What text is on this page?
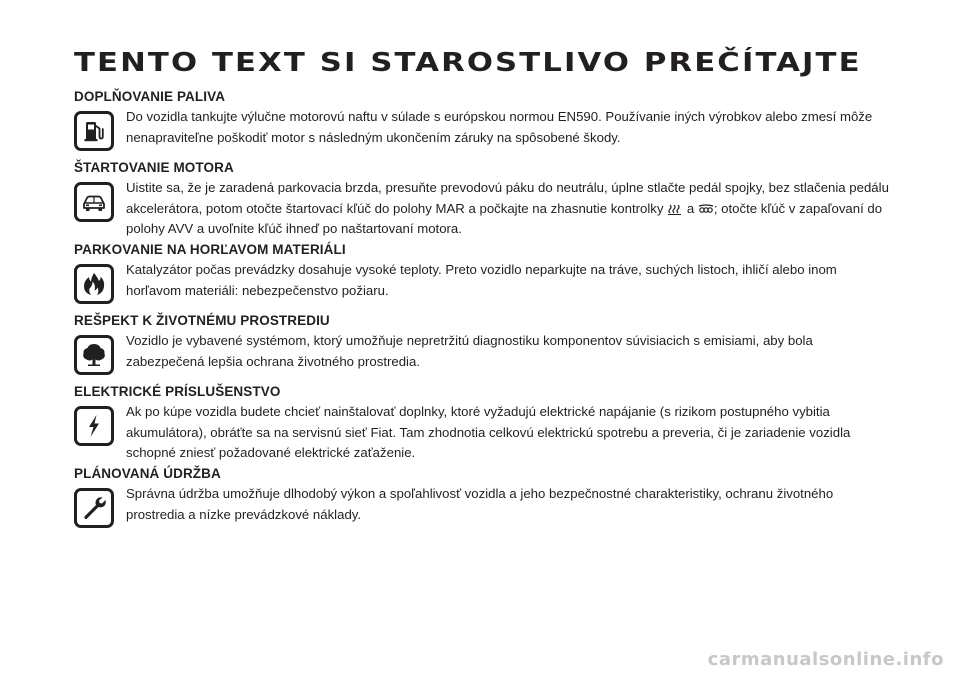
TENTO TEXT SI STAROSTLIVO PREČÍTAJTE
DOPLŇOVANIE PALIVA

Do vozidla tankujte výlučne motorovú naftu v súlade s európskou normou EN590. Používanie iných výrobkov alebo zmesí môže nenapraviteľne poškodiť motor s následným ukončením záruky na spôsobené škody.

ŠTARTOVANIE MOTORA

Uistite sa, že je zaradená parkovacia brzda, presuňte prevodovú páku do neutrálu, úplne stlačte pedál spojky, bez stlačenia pedálu akcelerátora, potom otočte štartovací kľúč do polohy MAR a počkajte na zhasnutie kontrolky a ; otočte kľúč v zapaľovaní do polohy AVV a uvoľnite kľúč ihneď po naštartovaní motora.

PARKOVANIE NA HORĽAVOM MATERIÁLI

Katalyzátor počas prevádzky dosahuje vysoké teploty. Preto vozidlo neparkujte na tráve, suchých listoch, ihličí alebo inom horľavom materiáli: nebezpečenstvo požiaru.

REŠPEKT K ŽIVOTNÉMU PROSTREDIU

Vozidlo je vybavené systémom, ktorý umožňuje nepretržitú diagnostiku komponentov súvisiacich s emisiami, aby bola zabezpečená lepšia ochrana životného prostredia.

ELEKTRICKÉ PRÍSLUŠENSTVO

Ak po kúpe vozidla budete chcieť nainštalovať doplnky, ktoré vyžadujú elektrické napájanie (s rizikom postupného vybitia akumulátora), obráťte sa na servisnú sieť Fiat. Tam zhodnotia celkovú elektrickú spotrebu a preveria, či je zariadenie vozidla schopné zniesť požadované elektrické zaťaženie.

PLÁNOVANÁ ÚDRŽBA

Správna údržba umožňuje dlhodobý výkon a spoľahlivosť vozidla a jeho bezpečnostné charakteristiky, ochranu životného prostredia a nízke prevádzkové náklady.

carmanualsonline.info
